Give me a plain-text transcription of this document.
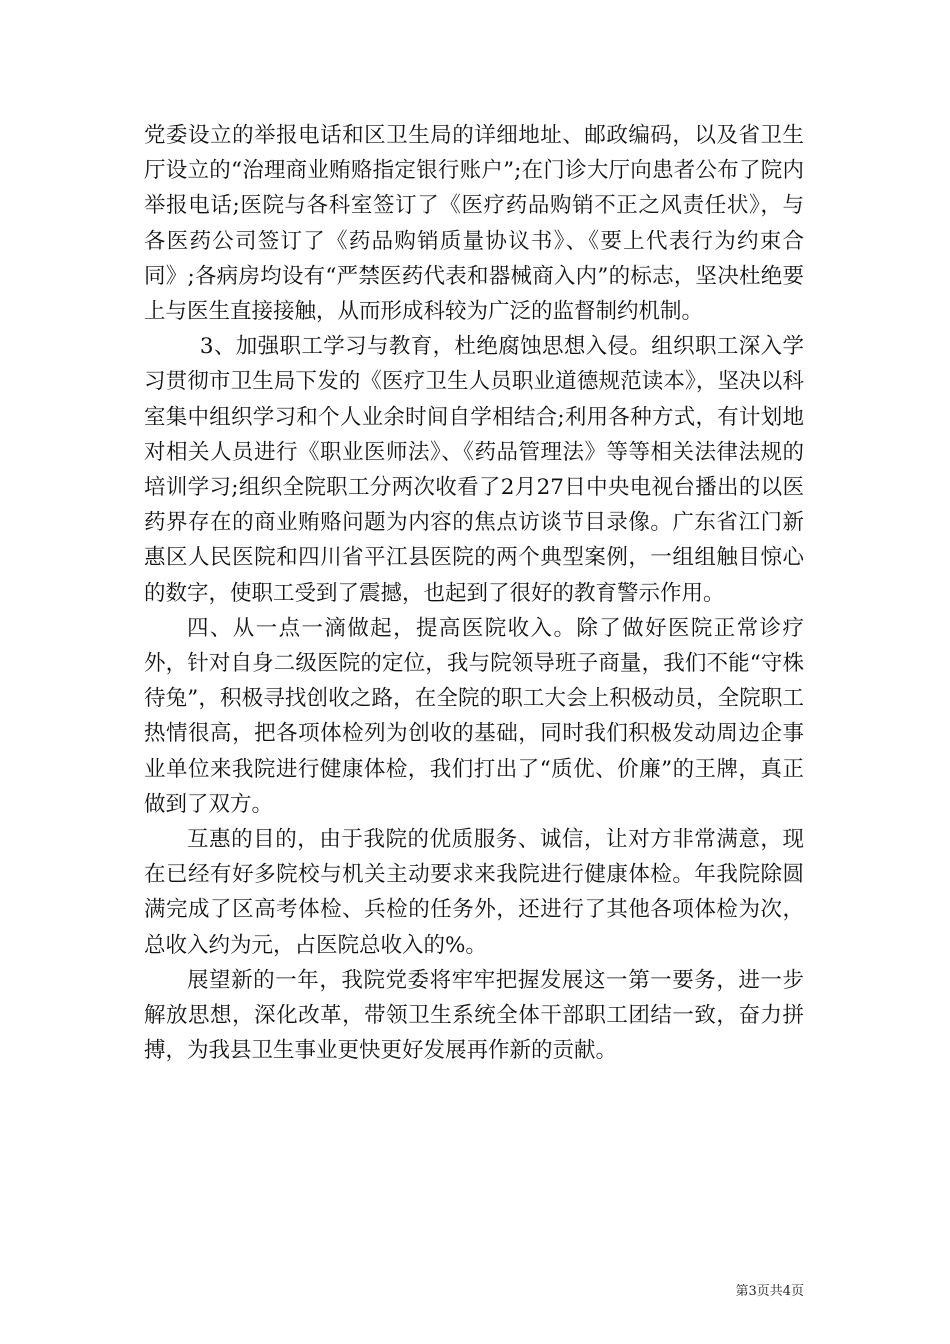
党委设立的举报电话和区卫生局的详细地址、邮政编码，以及省卫生厅设立的“治理商业贿赂指定银行账户”;在门诊大厅向患者公布了院内举报电话;医院与各科室签订了《医疗药品购销不正之风责任状》，与各医药公司签订了《药品购销质量协议书》、《要上代表行为约束合同》;各病房均设有“严禁医药代表和器械商入内”的标志，坚决杜绝要上与医生直接接触，从而形成科较为广泛的监督制约机制。

3、加强职工学习与教育，杜绝腐蚀思想入侵。组织职工深入学习贯彻市卫生局下发的《医疗卫生人员职业道德规范读本》，坚决以科室集中组织学习和个人业余时间自学相结合;利用各种方式，有计划地对相关人员进行《职业医师法》、《药品管理法》等等相关法律法规的培训学习;组织全院职工分两次收看了2月27日中央电视台播出的以医药界存在的商业贿赂问题为内容的焦点访谈节目录像。广东省江门新惠区人民医院和四川省平江县医院的两个典型案例，一组组触目惊心的数字，使职工受到了震撼，也起到了很好的教育警示作用。

四、从一点一滴做起，提高医院收入。除了做好医院正常诊疗外，针对自身二级医院的定位，我与院领导班子商量，我们不能“守株待兔”，积极寻找创收之路，在全院的职工大会上积极动员，全院职工热情很高，把各项体检列为创收的基础，同时我们积极发动周边企事业单位来我院进行健康体检，我们打出了“质优、价廉”的王牌，真正做到了双方。

互惠的目的，由于我院的优质服务、诚信，让对方非常满意，现在已经有好多院校与机关主动要求来我院进行健康体检。年我院除圆满完成了区高考体检、兵检的任务外，还进行了其他各项体检为次，总收入约为元，占医院总收入的%。

展望新的一年，我院党委将牢牢把握发展这一第一要务，进一步解放思想，深化改革，带领卫生系统全体干部职工团结一致，奋力拼搏，为我县卫生事业更快更好发展再作新的贡献。

第3页共4页
